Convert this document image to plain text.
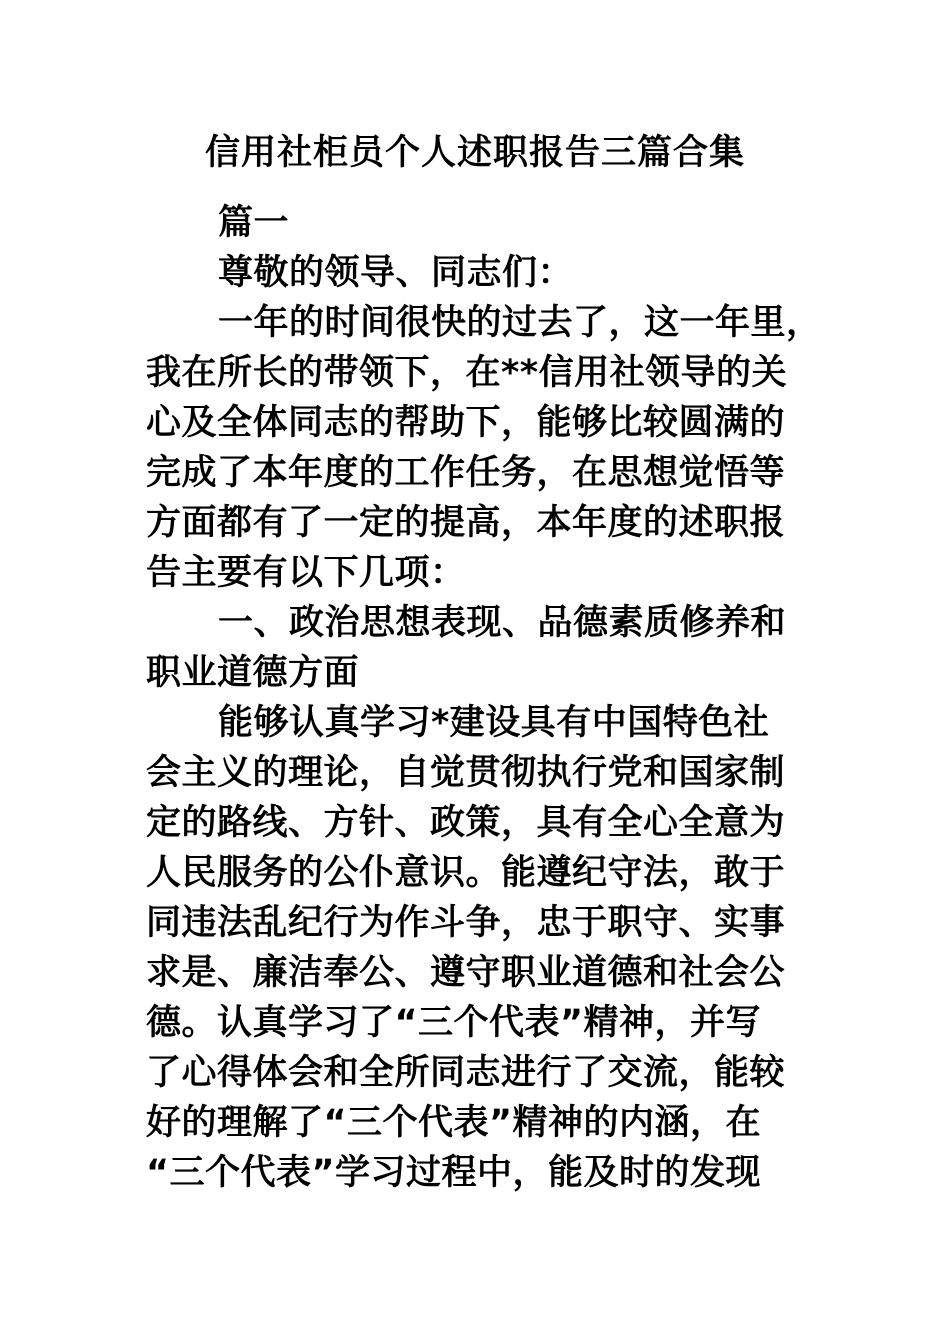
信用社柜员个人述职报告三篇合集
篇一
尊敬的领导、同志们：
一年的时间很快的过去了，这一年里，
我在所长的带领下，在**信用社领导的关
心及全体同志的帮助下，能够比较圆满的
完成了本年度的工作任务，在思想觉悟等
方面都有了一定的提高，本年度的述职报
告主要有以下几项：
一、政治思想表现、品德素质修养和
职业道德方面
能够认真学习*建设具有中国特色社
会主义的理论，自觉贯彻执行党和国家制
定的路线、方针、政策，具有全心全意为
人民服务的公仆意识。能遵纪守法，敢于
同违法乱纪行为作斗争，忠于职守、实事
求是、廉洁奉公、遵守职业道德和社会公
德。认真学习了“三个代表”精神，并写
了心得体会和全所同志进行了交流，能较
好的理解了“三个代表”精神的内涵，在
“三个代表”学习过程中，能及时的发现
